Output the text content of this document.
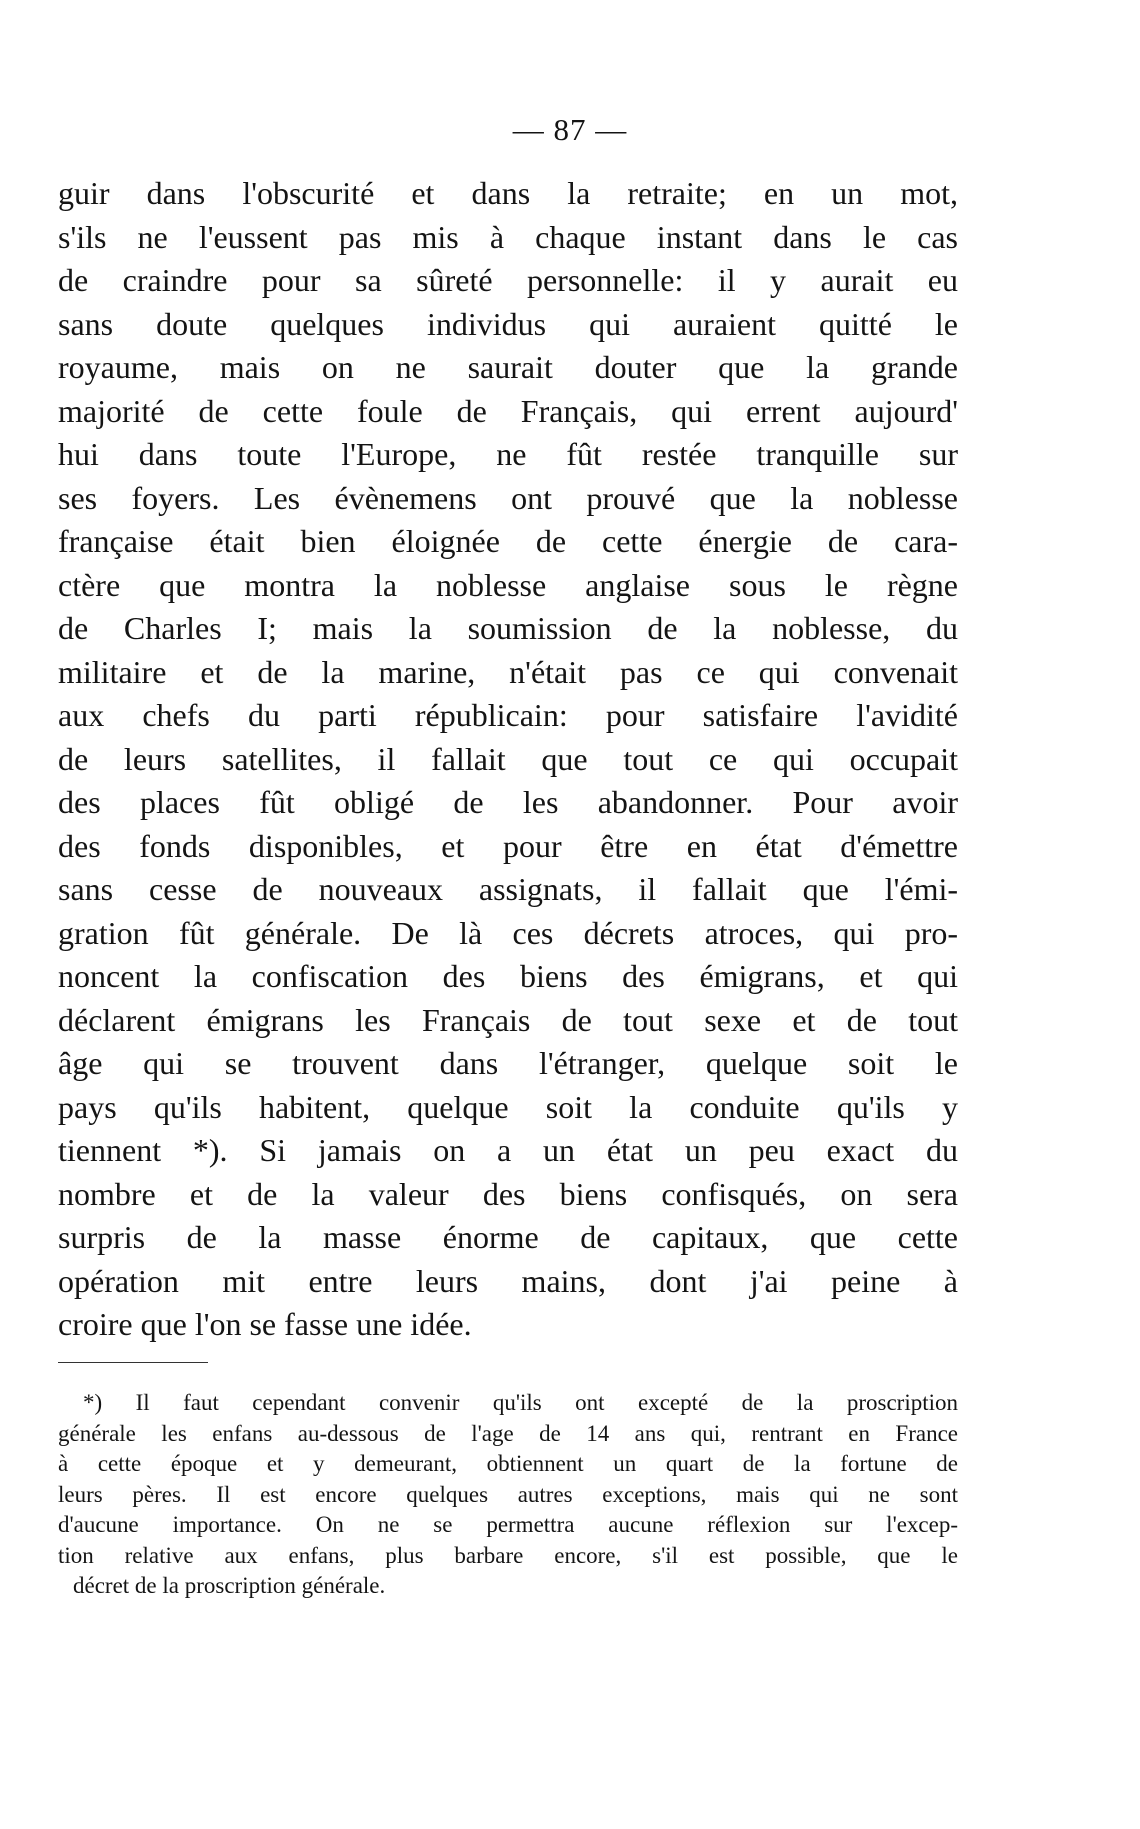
— 87 —
guir dans l'obscurité et dans la retraite; en un mot,
s'ils ne l'eussent pas mis à chaque instant dans le cas
de craindre pour sa sûreté personnelle: il y aurait eu
sans doute quelques individus qui auraient quitté le
royaume, mais on ne saurait douter que la grande
majorité de cette foule de Français, qui errent aujourd'
hui dans toute l'Europe, ne fût restée tranquille sur
ses foyers. Les évènemens ont prouvé que la noblesse
française était bien éloignée de cette énergie de cara-
ctère que montra la noblesse anglaise sous le règne
de Charles I; mais la soumission de la noblesse, du
militaire et de la marine, n'était pas ce qui convenait
aux chefs du parti républicain: pour satisfaire l'avidité
de leurs satellites, il fallait que tout ce qui occupait
des places fût obligé de les abandonner. Pour avoir
des fonds disponibles, et pour être en état d'émettre
sans cesse de nouveaux assignats, il fallait que l'émi-
gration fût générale. De là ces décrets atroces, qui pro-
noncent la confiscation des biens des émigrans, et qui
déclarent émigrans les Français de tout sexe et de tout
âge qui se trouvent dans l'étranger, quelque soit le
pays qu'ils habitent, quelque soit la conduite qu'ils y
tiennent *). Si jamais on a un état un peu exact du
nombre et de la valeur des biens confisqués, on sera
surpris de la masse énorme de capitaux, que cette
opération mit entre leurs mains, dont j'ai peine à
croire que l'on se fasse une idée.
*) Il faut cependant convenir qu'ils ont excepté de la proscription
générale les enfans au-dessous de l'age de 14 ans qui, rentrant en France
à cette époque et y demeurant, obtiennent un quart de la fortune de
leurs pères. Il est encore quelques autres exceptions, mais qui ne sont
d'aucune importance. On ne se permettra aucune réflexion sur l'excep-
tion relative aux enfans, plus barbare encore, s'il est possible, que le
décret de la proscription générale.
